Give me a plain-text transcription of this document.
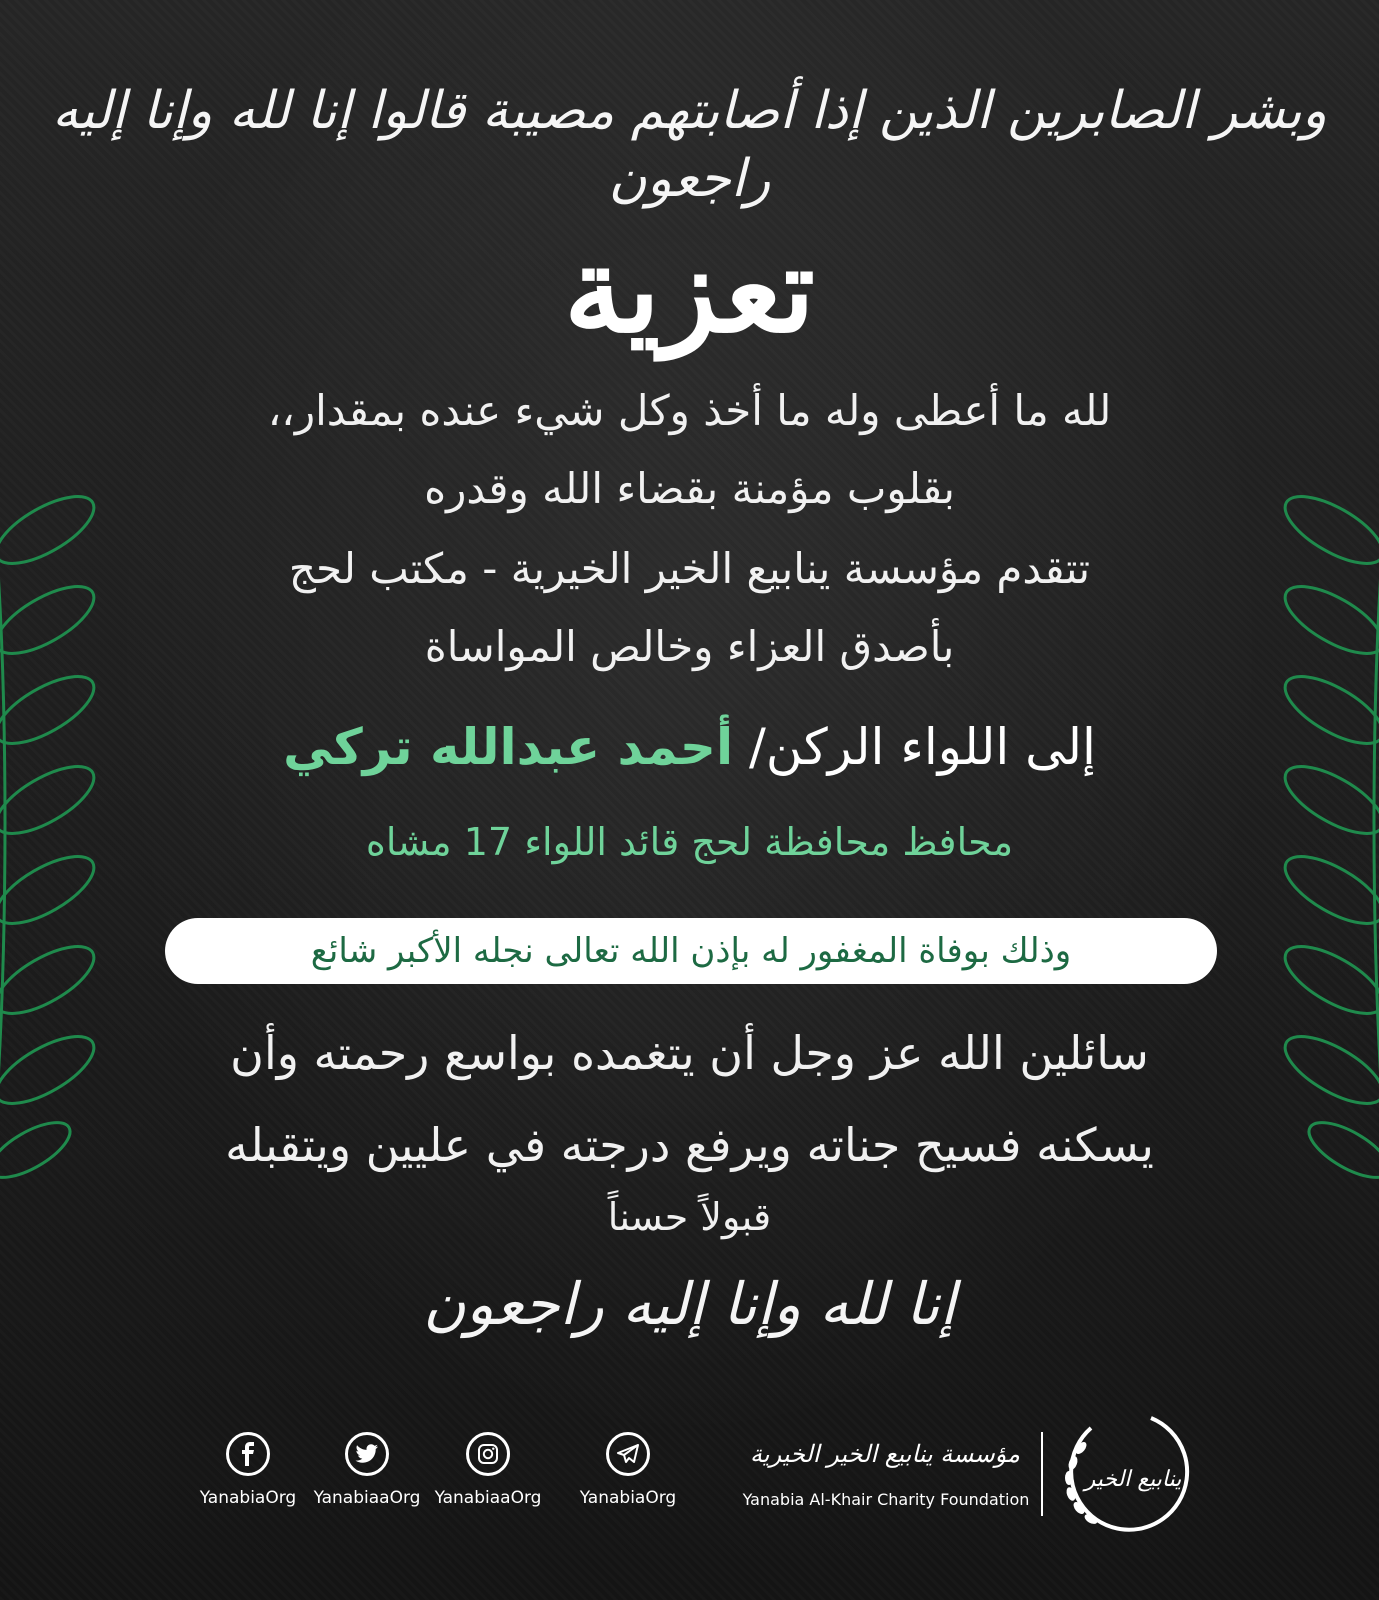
وبشر الصابرين الذين إذا أصابتهم مصيبة قالوا إنا لله وإنا إليه راجعون
تعزية
لله ما أعطى وله ما أخذ وكل شيء عنده بمقدار،،
بقلوب مؤمنة بقضاء الله وقدره
تتقدم مؤسسة ينابيع الخير الخيرية - مكتب لحج
بأصدق العزاء وخالص المواساة
إلى اللواء الركن/ أحمد عبدالله تركي
محافظ محافظة لحج قائد اللواء 17 مشاه
وذلك بوفاة المغفور له بإذن الله تعالى نجله الأكبر شائع
سائلين الله عز وجل أن يتغمده بواسع رحمته وأن
يسكنه فسيح جناته ويرفع درجته في عليين ويتقبله
قبولاً حسناً
إنا لله وإنا إليه راجعون
YanabiaOrg	YanabiaaOrg YanabiaaOrg	YanabiaOrg
مؤسسة ينابيع الخير الخيرية
Yanabia Al-Khair Charity Foundation
ينابيع الخير
